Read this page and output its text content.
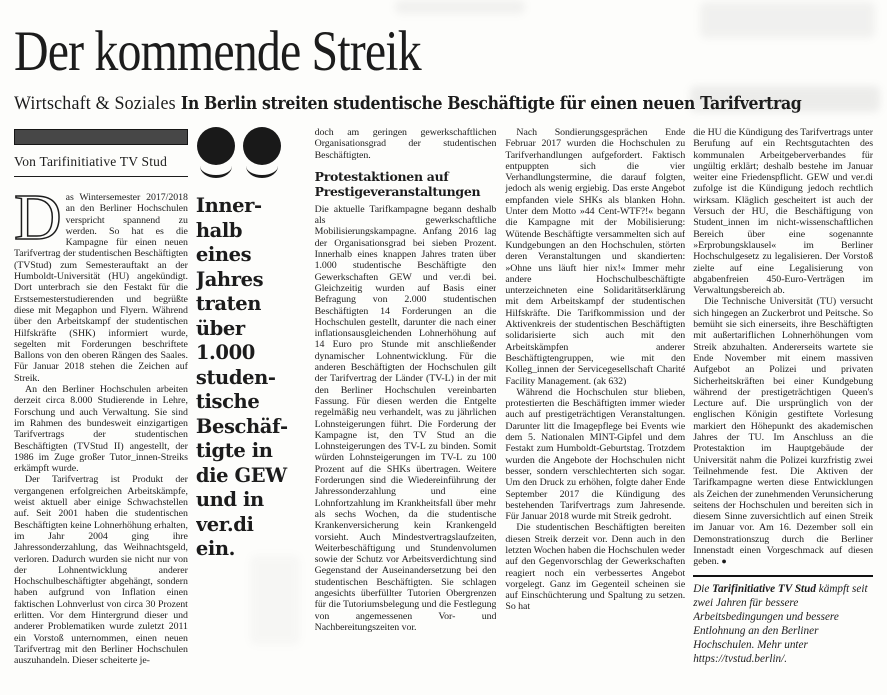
Der kommende Streik
Wirtschaft & Soziales In Berlin streiten studentische Beschäftigte für einen neuen Tarifvertrag
Von Tarifinitiative TV Stud

Das Wintersemester 2017/2018 an den Berliner Hochschulen verspricht spannend zu werden. So hat es die Kampagne für einen neuen Tarifvertrag der studentischen Beschäftigten (TVStud) zum Semesterauftakt an der Humboldt-Universität (HU) angekündigt. Dort unterbrach sie den Festakt für die Erstsemesterstudierenden und begrüßte diese mit Megaphon und Flyern. Während über den Arbeitskampf der studentischen Hilfskräfte (SHK) informiert wurde, segelten mit Forderungen beschriftete Ballons von den oberen Rängen des Saales. Für Januar 2018 stehen die Zeichen auf Streik.

An den Berliner Hochschulen arbeiten derzeit circa 8.000 Studierende in Lehre, Forschung und auch Verwaltung. Sie sind im Rahmen des bundesweit einzigartigen Tarifvertrags der studentischen Beschäftigten (TVStud II) angestellt, der 1986 im Zuge großer Tutor_innen-Streiks erkämpft wurde.

Der Tarifvertrag ist Produkt der vergangenen erfolgreichen Arbeitskämpfe, weist aktuell aber einige Schwachstellen auf. Seit 2001 haben die studentischen Beschäftigten keine Lohnerhöhung erhalten, im Jahr 2004 ging ihre Jahressonderzahlung, das Weihnachtsgeld, verloren. Dadurch wurden sie nicht nur von der Lohnentwicklung anderer Hochschulbeschäftigter abgehängt, sondern haben aufgrund von Inflation einen faktischen Lohnverlust von circa 30 Prozent erlitten. Vor dem Hintergrund dieser und anderer Problematiken wurde zuletzt 2011 ein Vorstoß unternommen, einen neuen Tarifvertrag mit den Berliner Hochschulen auszuhandeln. Dieser scheiterte je-

Innerhalb eines Jahres traten über 1.000 studentische Beschäftigte in die GEW und in ver.di ein.

doch am geringen gewerkschaftlichen Organisationsgrad der studentischen Beschäftigten.

Protestaktionen auf Prestigeveranstaltungen

Die aktuelle Tarifkampagne begann deshalb als gewerkschaftliche Mobilisierungskampagne. Anfang 2016 lag der Organisationsgrad bei sieben Prozent. Innerhalb eines knappen Jahres traten über 1.000 studentische Beschäftigte den Gewerkschaften GEW und ver.di bei. Gleichzeitig wurden auf Basis einer Befragung von 2.000 studentischen Beschäftigten 14 Forderungen an die Hochschulen gestellt, darunter die nach einer inflationsausgleichenden Lohnerhöhung auf 14 Euro pro Stunde mit anschließender dynamischer Lohnentwicklung. Für die anderen Beschäftigten der Hochschulen gilt der Tarifvertrag der Länder (TV-L) in der mit den Berliner Hochschulen vereinbarten Fassung. Für diesen werden die Entgelte regelmäßig neu verhandelt, was zu jährlichen Lohnsteigerungen führt. Die Forderung der Kampagne ist, den TV Stud an die Lohnsteigerungen des TV-L zu binden. Somit würden Lohnsteigerungen im TV-L zu 100 Prozent auf die SHKs übertragen. Weitere Forderungen sind die Wiedereinführung der Jahressonderzahlung und eine Lohnfortzahlung im Krankheitsfall über mehr als sechs Wochen, da die studentische Krankenversicherung kein Krankengeld vorsieht. Auch Mindestvertragslaufzeiten, Weiterbeschäftigung und Stundenvolumen sowie der Schutz vor Arbeitsverdichtung sind Gegenstand der Auseinandersetzung bei den studentischen Beschäftigten. Sie schlagen angesichts überfüllter Tutorien Obergrenzen für die Tutoriumsbelegung und die Festlegung von angemessenen Vor- und Nachbereitungszeiten vor.

Nach Sondierungsgesprächen Ende Februar 2017 wurden die Hochschulen zu Tarifverhandlungen aufgefordert. Faktisch entpuppten sich die vier Verhandlungstermine, die darauf folgten, jedoch als wenig ergiebig. Das erste Angebot empfanden viele SHKs als blanken Hohn. Unter dem Motto »44 Cent-WTF?!« begann die Kampagne mit der Mobilisierung: Wütende Beschäftigte versammelten sich auf Kundgebungen an den Hochschulen, störten deren Veranstaltungen und skandierten: »Ohne uns läuft hier nix!« Immer mehr andere Hochschulbeschäftigte unterzeichneten eine Solidaritätserklärung mit dem Arbeitskampf der studentischen Hilfskräfte. Die Tarifkommission und der Aktivenkreis der studentischen Beschäftigten solidarisierte sich auch mit den Arbeitskämpfen anderer Beschäftigtengruppen, wie mit den Kolleg_innen der Servicegesellschaft Charité Facility Management. (ak 632)

Während die Hochschulen stur blieben, protestierten die Beschäftigten immer wieder auch auf prestigeträchtigen Veranstaltungen. Darunter litt die Imagepflege bei Events wie dem 5. Nationalen MINT-Gipfel und dem Festakt zum Humboldt-Geburtstag. Trotzdem wurden die Angebote der Hochschulen nicht besser, sondern verschlechterten sich sogar. Um den Druck zu erhöhen, folgte daher Ende September 2017 die Kündigung des bestehenden Tarifvertrags zum Jahresende. Für Januar 2018 wurde mit Streik gedroht.

Die studentischen Beschäftigten bereiten diesen Streik derzeit vor. Denn auch in den letzten Wochen haben die Hochschulen weder auf den Gegenvorschlag der Gewerkschaften reagiert noch ein verbessertes Angebot vorgelegt. Ganz im Gegenteil scheinen sie auf Einschüchterung und Spaltung zu setzen. So hat

die HU die Kündigung des Tarifvertrags unter Berufung auf ein Rechtsgutachten des kommunalen Arbeitgeberverbandes für ungültig erklärt; deshalb bestehe im Januar weiter eine Friedenspflicht. GEW und ver.di zufolge ist die Kündigung jedoch rechtlich wirksam. Kläglich gescheitert ist auch der Versuch der HU, die Beschäftigung von Student_innen im nicht-wissenschaftlichen Bereich über eine sogenannte »Erprobungsklausel« im Berliner Hochschulgesetz zu legalisieren. Der Vorstoß zielte auf eine Legalisierung von abgabenfreien 450-Euro-Verträgen im Verwaltungsbereich ab.

Die Technische Universität (TU) versucht sich hingegen an Zuckerbrot und Peitsche. So bemüht sie sich einerseits, ihre Beschäftigten mit außertariflichen Lohnerhöhungen vom Streik abzuhalten. Andererseits wartete sie Ende November mit einem massiven Aufgebot an Polizei und privaten Sicherheitskräften bei einer Kundgebung während der prestigeträchtigen Queen's Lecture auf. Die ursprünglich von der englischen Königin gestiftete Vorlesung markiert den Höhepunkt des akademischen Jahres der TU. Im Anschluss an die Protestaktion im Hauptgebäude der Universität nahm die Polizei kurzfristig zwei Teilnehmende fest. Die Aktiven der Tarifkampagne werten diese Entwicklungen als Zeichen der zunehmenden Verunsicherung seitens der Hochschulen und bereiten sich in diesem Sinne zuversichtlich auf einen Streik im Januar vor. Am 16. Dezember soll ein Demonstrationszug durch die Berliner Innenstadt einen Vorgeschmack auf diesen geben. ●

Die Tarifinitiative TV Stud kämpft seit zwei Jahren für bessere Arbeitsbedingungen und bessere Entlohnung an den Berliner Hochschulen. Mehr unter https://tvstud.berlin/.
